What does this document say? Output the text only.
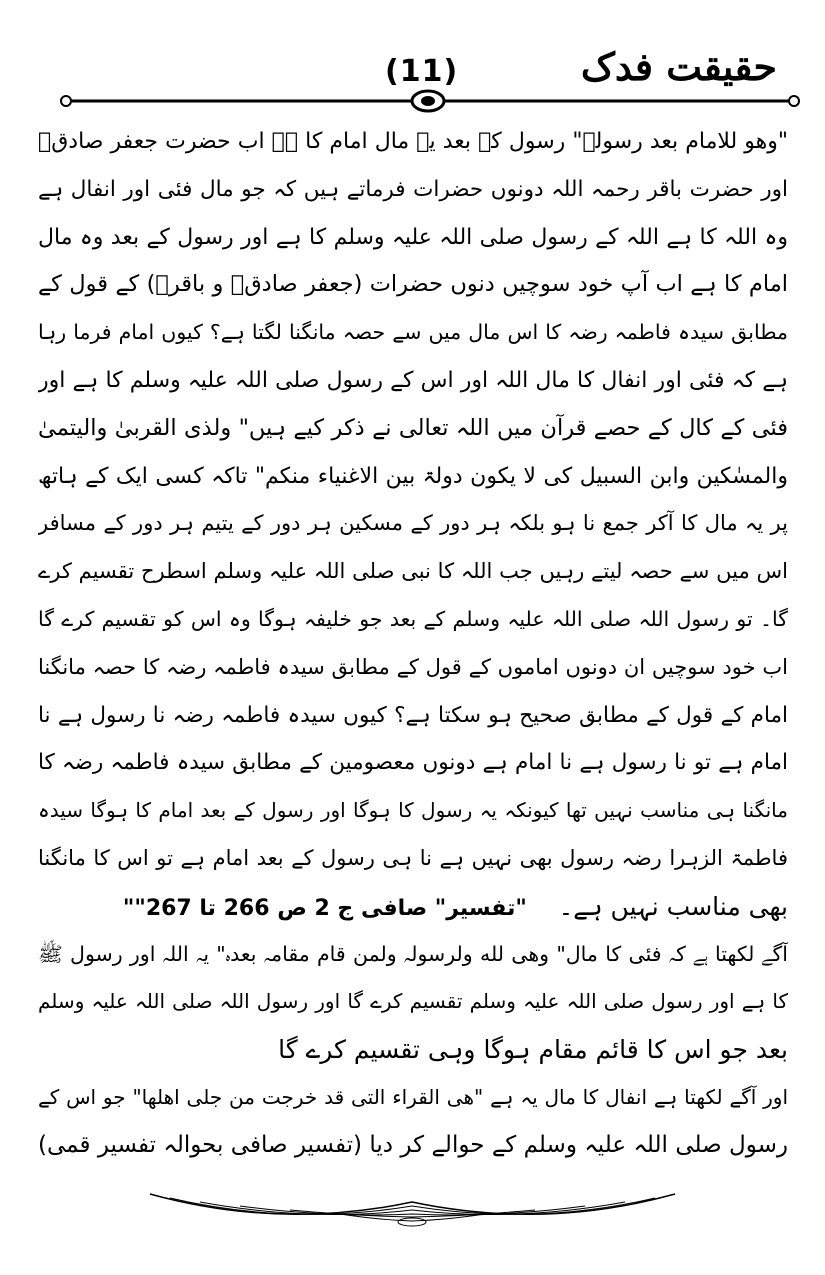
(11)	حقیقت فدک
"وهو للامام بعد رسولہ" رسول کے بعد یہ مال امام کا ہے اب حضرت جعفر صادقؑ
اور حضرت باقر رحمہ اللہ دونوں حضرات فرماتے ہیں کہ جو مال فئی اور انفال ہے
وہ اللہ کا ہے اللہ کے رسول صلی اللہ علیہ وسلم کا ہے اور رسول کے بعد وہ مال
امام کا ہے اب آپ خود سوچیں دنوں حضرات (جعفر صادقؑ و باقرؑ) کے قول کے
مطابق سیدہ فاطمہ رضہ کا اس مال میں سے حصہ مانگنا لگتا ہے؟ کیوں امام فرما رہا
ہے کہ فئی اور انفال کا مال اللہ اور اس کے رسول صلی اللہ علیہ وسلم کا ہے اور
فئی کے کال کے حصے قرآن میں اللہ تعالی نے ذکر کیے ہیں" ولذی القربیٰ والیتمیٰ
والمسٰکین وابن السبیل کی لا یکون دولۃ بین الاغنیاء منکم" تاکہ کسی ایک کے ہاتھ
پر یہ مال کا آکر جمع نا ہو بلکہ ہر دور کے مسکین ہر دور کے یتیم ہر دور کے مسافر
اس میں سے حصہ لیتے رہیں جب اللہ کا نبی صلی اللہ علیہ وسلم اسطرح تقسیم کرے
گا۔ تو رسول اللہ صلی اللہ علیہ وسلم کے بعد جو خلیفہ ہوگا وہ اس کو تقسیم کرے گا
اب خود سوچیں ان دونوں اماموں کے قول کے مطابق سیدہ فاطمہ رضہ کا حصہ مانگنا
امام کے قول کے مطابق صحیح ہو سکتا ہے؟ کیوں سیدہ فاطمہ رضہ نا رسول ہے نا
امام ہے تو نا رسول ہے نا امام ہے دونوں معصومین کے مطابق سیدہ فاطمہ رضہ کا
مانگنا ہی مناسب نہیں تھا کیونکہ یہ رسول کا ہوگا اور رسول کے بعد امام کا ہوگا سیدہ
فاطمۃ الزہرا رضہ رسول بھی نہیں ہے نا ہی رسول کے بعد امام ہے تو اس کا مانگنا
بھی مناسب نہیں ہے۔    "تفسیر" صافی ج 2 ص 266 تا 267""
آگے لکھتا ہے کہ فئی کا مال" وهی لله ولرسولہ ولمن قام مقامہ بعدہ" یہ اللہ اور رسول ﷺ
کا ہے اور رسول صلی اللہ علیہ وسلم تقسیم کرے گا اور رسول اللہ صلی اللہ علیہ وسلم
بعد جو اس کا قائم مقام ہوگا وہی تقسیم کرے گا
اور آگے لکھتا ہے انفال کا مال یہ ہے "هی القراء التی قد خرجت من جلی اهلها" جو اس کے
رسول صلی اللہ علیہ وسلم کے حوالے کر دیا (تفسیر صافی بحوالہ تفسیر قمی)
